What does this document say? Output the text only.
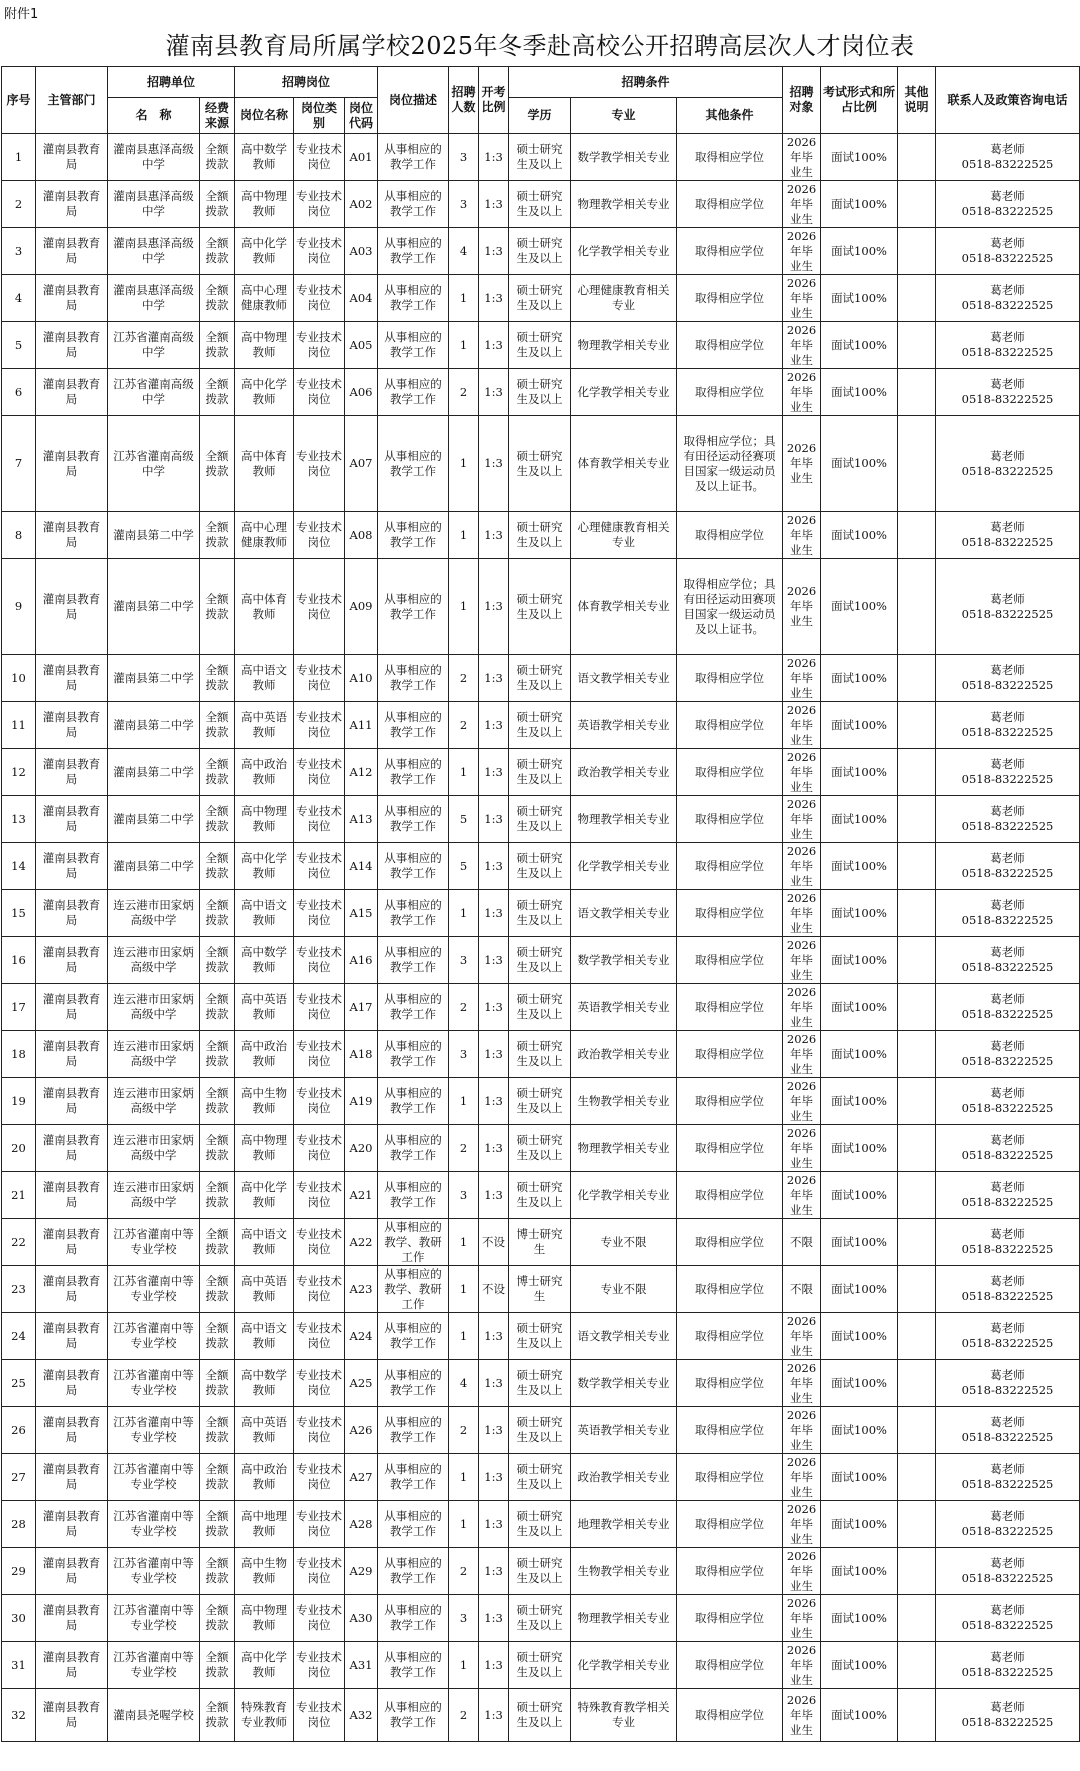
附件1
灌南县教育局所属学校2025年冬季赴高校公开招聘高层次人才岗位表
序号	主管部门	招聘单位		招聘岗位			岗位描述	招聘人数	开考比例	招聘条件			招聘对象	考试形式和所占比例	其他说明	联系人及政策咨询电话
		名　称	经费来源	岗位名称	岗位类别	岗位代码				学历	专业	其他条件				
1	灌南县教育局	灌南县惠泽高级中学	全额拨款	高中数学教师	专业技术岗位	A01	从事相应的教学工作	3	1:3	硕士研究生及以上	数学教学相关专业	取得相应学位	2026年毕业生	面试100%		葛老师
0518-83222525

2	灌南县教育局	灌南县惠泽高级中学	全额拨款	高中物理教师	专业技术岗位	A02	从事相应的教学工作	3	1:3	硕士研究生及以上	物理教学相关专业	取得相应学位	2026年毕业生	面试100%		葛老师
0518-83222525

3	灌南县教育局	灌南县惠泽高级中学	全额拨款	高中化学教师	专业技术岗位	A03	从事相应的教学工作	4	1:3	硕士研究生及以上	化学教学相关专业	取得相应学位	2026年毕业生	面试100%		葛老师
0518-83222525

4	灌南县教育局	灌南县惠泽高级中学	全额拨款	高中心理健康教师	专业技术岗位	A04	从事相应的教学工作	1	1:3	硕士研究生及以上	心理健康教育相关专业	取得相应学位	2026年毕业生	面试100%		葛老师
0518-83222525

5	灌南县教育局	江苏省灌南高级中学	全额拨款	高中物理教师	专业技术岗位	A05	从事相应的教学工作	1	1:3	硕士研究生及以上	物理教学相关专业	取得相应学位	2026年毕业生	面试100%		葛老师
0518-83222525

6	灌南县教育局	江苏省灌南高级中学	全额拨款	高中化学教师	专业技术岗位	A06	从事相应的教学工作	2	1:3	硕士研究生及以上	化学教学相关专业	取得相应学位	2026年毕业生	面试100%		葛老师
0518-83222525

7	灌南县教育局	江苏省灌南高级中学	全额拨款	高中体育教师	专业技术岗位	A07	从事相应的教学工作	1	1:3	硕士研究生及以上	体育教学相关专业	取得相应学位；具有田径运动径赛项目国家一级运动员及以上证书。	2026年毕业生	面试100%		葛老师
0518-83222525

8	灌南县教育局	灌南县第二中学	全额拨款	高中心理健康教师	专业技术岗位	A08	从事相应的教学工作	1	1:3	硕士研究生及以上	心理健康教育相关专业	取得相应学位	2026年毕业生	面试100%		葛老师
0518-83222525

9	灌南县教育局	灌南县第二中学	全额拨款	高中体育教师	专业技术岗位	A09	从事相应的教学工作	1	1:3	硕士研究生及以上	体育教学相关专业	取得相应学位；具有田径运动田赛项目国家一级运动员及以上证书。	2026年毕业生	面试100%		葛老师
0518-83222525

10	灌南县教育局	灌南县第二中学	全额拨款	高中语文教师	专业技术岗位	A10	从事相应的教学工作	2	1:3	硕士研究生及以上	语文教学相关专业	取得相应学位	2026年毕业生	面试100%		葛老师
0518-83222525

11	灌南县教育局	灌南县第二中学	全额拨款	高中英语教师	专业技术岗位	A11	从事相应的教学工作	2	1:3	硕士研究生及以上	英语教学相关专业	取得相应学位	2026年毕业生	面试100%		葛老师
0518-83222525

12	灌南县教育局	灌南县第二中学	全额拨款	高中政治教师	专业技术岗位	A12	从事相应的教学工作	1	1:3	硕士研究生及以上	政治教学相关专业	取得相应学位	2026年毕业生	面试100%		葛老师
0518-83222525

13	灌南县教育局	灌南县第二中学	全额拨款	高中物理教师	专业技术岗位	A13	从事相应的教学工作	5	1:3	硕士研究生及以上	物理教学相关专业	取得相应学位	2026年毕业生	面试100%		葛老师
0518-83222525

14	灌南县教育局	灌南县第二中学	全额拨款	高中化学教师	专业技术岗位	A14	从事相应的教学工作	5	1:3	硕士研究生及以上	化学教学相关专业	取得相应学位	2026年毕业生	面试100%		葛老师
0518-83222525

15	灌南县教育局	连云港市田家炳高级中学	全额拨款	高中语文教师	专业技术岗位	A15	从事相应的教学工作	1	1:3	硕士研究生及以上	语文教学相关专业	取得相应学位	2026年毕业生	面试100%		葛老师
0518-83222525

16	灌南县教育局	连云港市田家炳高级中学	全额拨款	高中数学教师	专业技术岗位	A16	从事相应的教学工作	3	1:3	硕士研究生及以上	数学教学相关专业	取得相应学位	2026年毕业生	面试100%		葛老师
0518-83222525

17	灌南县教育局	连云港市田家炳高级中学	全额拨款	高中英语教师	专业技术岗位	A17	从事相应的教学工作	2	1:3	硕士研究生及以上	英语教学相关专业	取得相应学位	2026年毕业生	面试100%		葛老师
0518-83222525

18	灌南县教育局	连云港市田家炳高级中学	全额拨款	高中政治教师	专业技术岗位	A18	从事相应的教学工作	3	1:3	硕士研究生及以上	政治教学相关专业	取得相应学位	2026年毕业生	面试100%		葛老师
0518-83222525

19	灌南县教育局	连云港市田家炳高级中学	全额拨款	高中生物教师	专业技术岗位	A19	从事相应的教学工作	1	1:3	硕士研究生及以上	生物教学相关专业	取得相应学位	2026年毕业生	面试100%		葛老师
0518-83222525

20	灌南县教育局	连云港市田家炳高级中学	全额拨款	高中物理教师	专业技术岗位	A20	从事相应的教学工作	2	1:3	硕士研究生及以上	物理教学相关专业	取得相应学位	2026年毕业生	面试100%		葛老师
0518-83222525

21	灌南县教育局	连云港市田家炳高级中学	全额拨款	高中化学教师	专业技术岗位	A21	从事相应的教学工作	3	1:3	硕士研究生及以上	化学教学相关专业	取得相应学位	2026年毕业生	面试100%		葛老师
0518-83222525

22	灌南县教育局	江苏省灌南中等专业学校	全额拨款	高中语文教师	专业技术岗位	A22	从事相应的教学、教研工作	1	不设	博士研究生	专业不限	取得相应学位	不限	面试100%		葛老师
0518-83222525

23	灌南县教育局	江苏省灌南中等专业学校	全额拨款	高中英语教师	专业技术岗位	A23	从事相应的教学、教研工作	1	不设	博士研究生	专业不限	取得相应学位	不限	面试100%		葛老师
0518-83222525

24	灌南县教育局	江苏省灌南中等专业学校	全额拨款	高中语文教师	专业技术岗位	A24	从事相应的教学工作	1	1:3	硕士研究生及以上	语文教学相关专业	取得相应学位	2026年毕业生	面试100%		葛老师
0518-83222525

25	灌南县教育局	江苏省灌南中等专业学校	全额拨款	高中数学教师	专业技术岗位	A25	从事相应的教学工作	4	1:3	硕士研究生及以上	数学教学相关专业	取得相应学位	2026年毕业生	面试100%		葛老师
0518-83222525

26	灌南县教育局	江苏省灌南中等专业学校	全额拨款	高中英语教师	专业技术岗位	A26	从事相应的教学工作	2	1:3	硕士研究生及以上	英语教学相关专业	取得相应学位	2026年毕业生	面试100%		葛老师
0518-83222525

27	灌南县教育局	江苏省灌南中等专业学校	全额拨款	高中政治教师	专业技术岗位	A27	从事相应的教学工作	1	1:3	硕士研究生及以上	政治教学相关专业	取得相应学位	2026年毕业生	面试100%		葛老师
0518-83222525

28	灌南县教育局	江苏省灌南中等专业学校	全额拨款	高中地理教师	专业技术岗位	A28	从事相应的教学工作	1	1:3	硕士研究生及以上	地理教学相关专业	取得相应学位	2026年毕业生	面试100%		葛老师
0518-83222525

29	灌南县教育局	江苏省灌南中等专业学校	全额拨款	高中生物教师	专业技术岗位	A29	从事相应的教学工作	2	1:3	硕士研究生及以上	生物教学相关专业	取得相应学位	2026年毕业生	面试100%		葛老师
0518-83222525

30	灌南县教育局	江苏省灌南中等专业学校	全额拨款	高中物理教师	专业技术岗位	A30	从事相应的教学工作	3	1:3	硕士研究生及以上	物理教学相关专业	取得相应学位	2026年毕业生	面试100%		葛老师
0518-83222525

31	灌南县教育局	江苏省灌南中等专业学校	全额拨款	高中化学教师	专业技术岗位	A31	从事相应的教学工作	1	1:3	硕士研究生及以上	化学教学相关专业	取得相应学位	2026年毕业生	面试100%		葛老师
0518-83222525

32	灌南县教育局	灌南县尧喔学校	全额拨款	特殊教育专业教师	专业技术岗位	A32	从事相应的教学工作	2	1:3	硕士研究生及以上	特殊教育教学相关专业	取得相应学位	2026年毕业生	面试100%		葛老师
0518-83222525
